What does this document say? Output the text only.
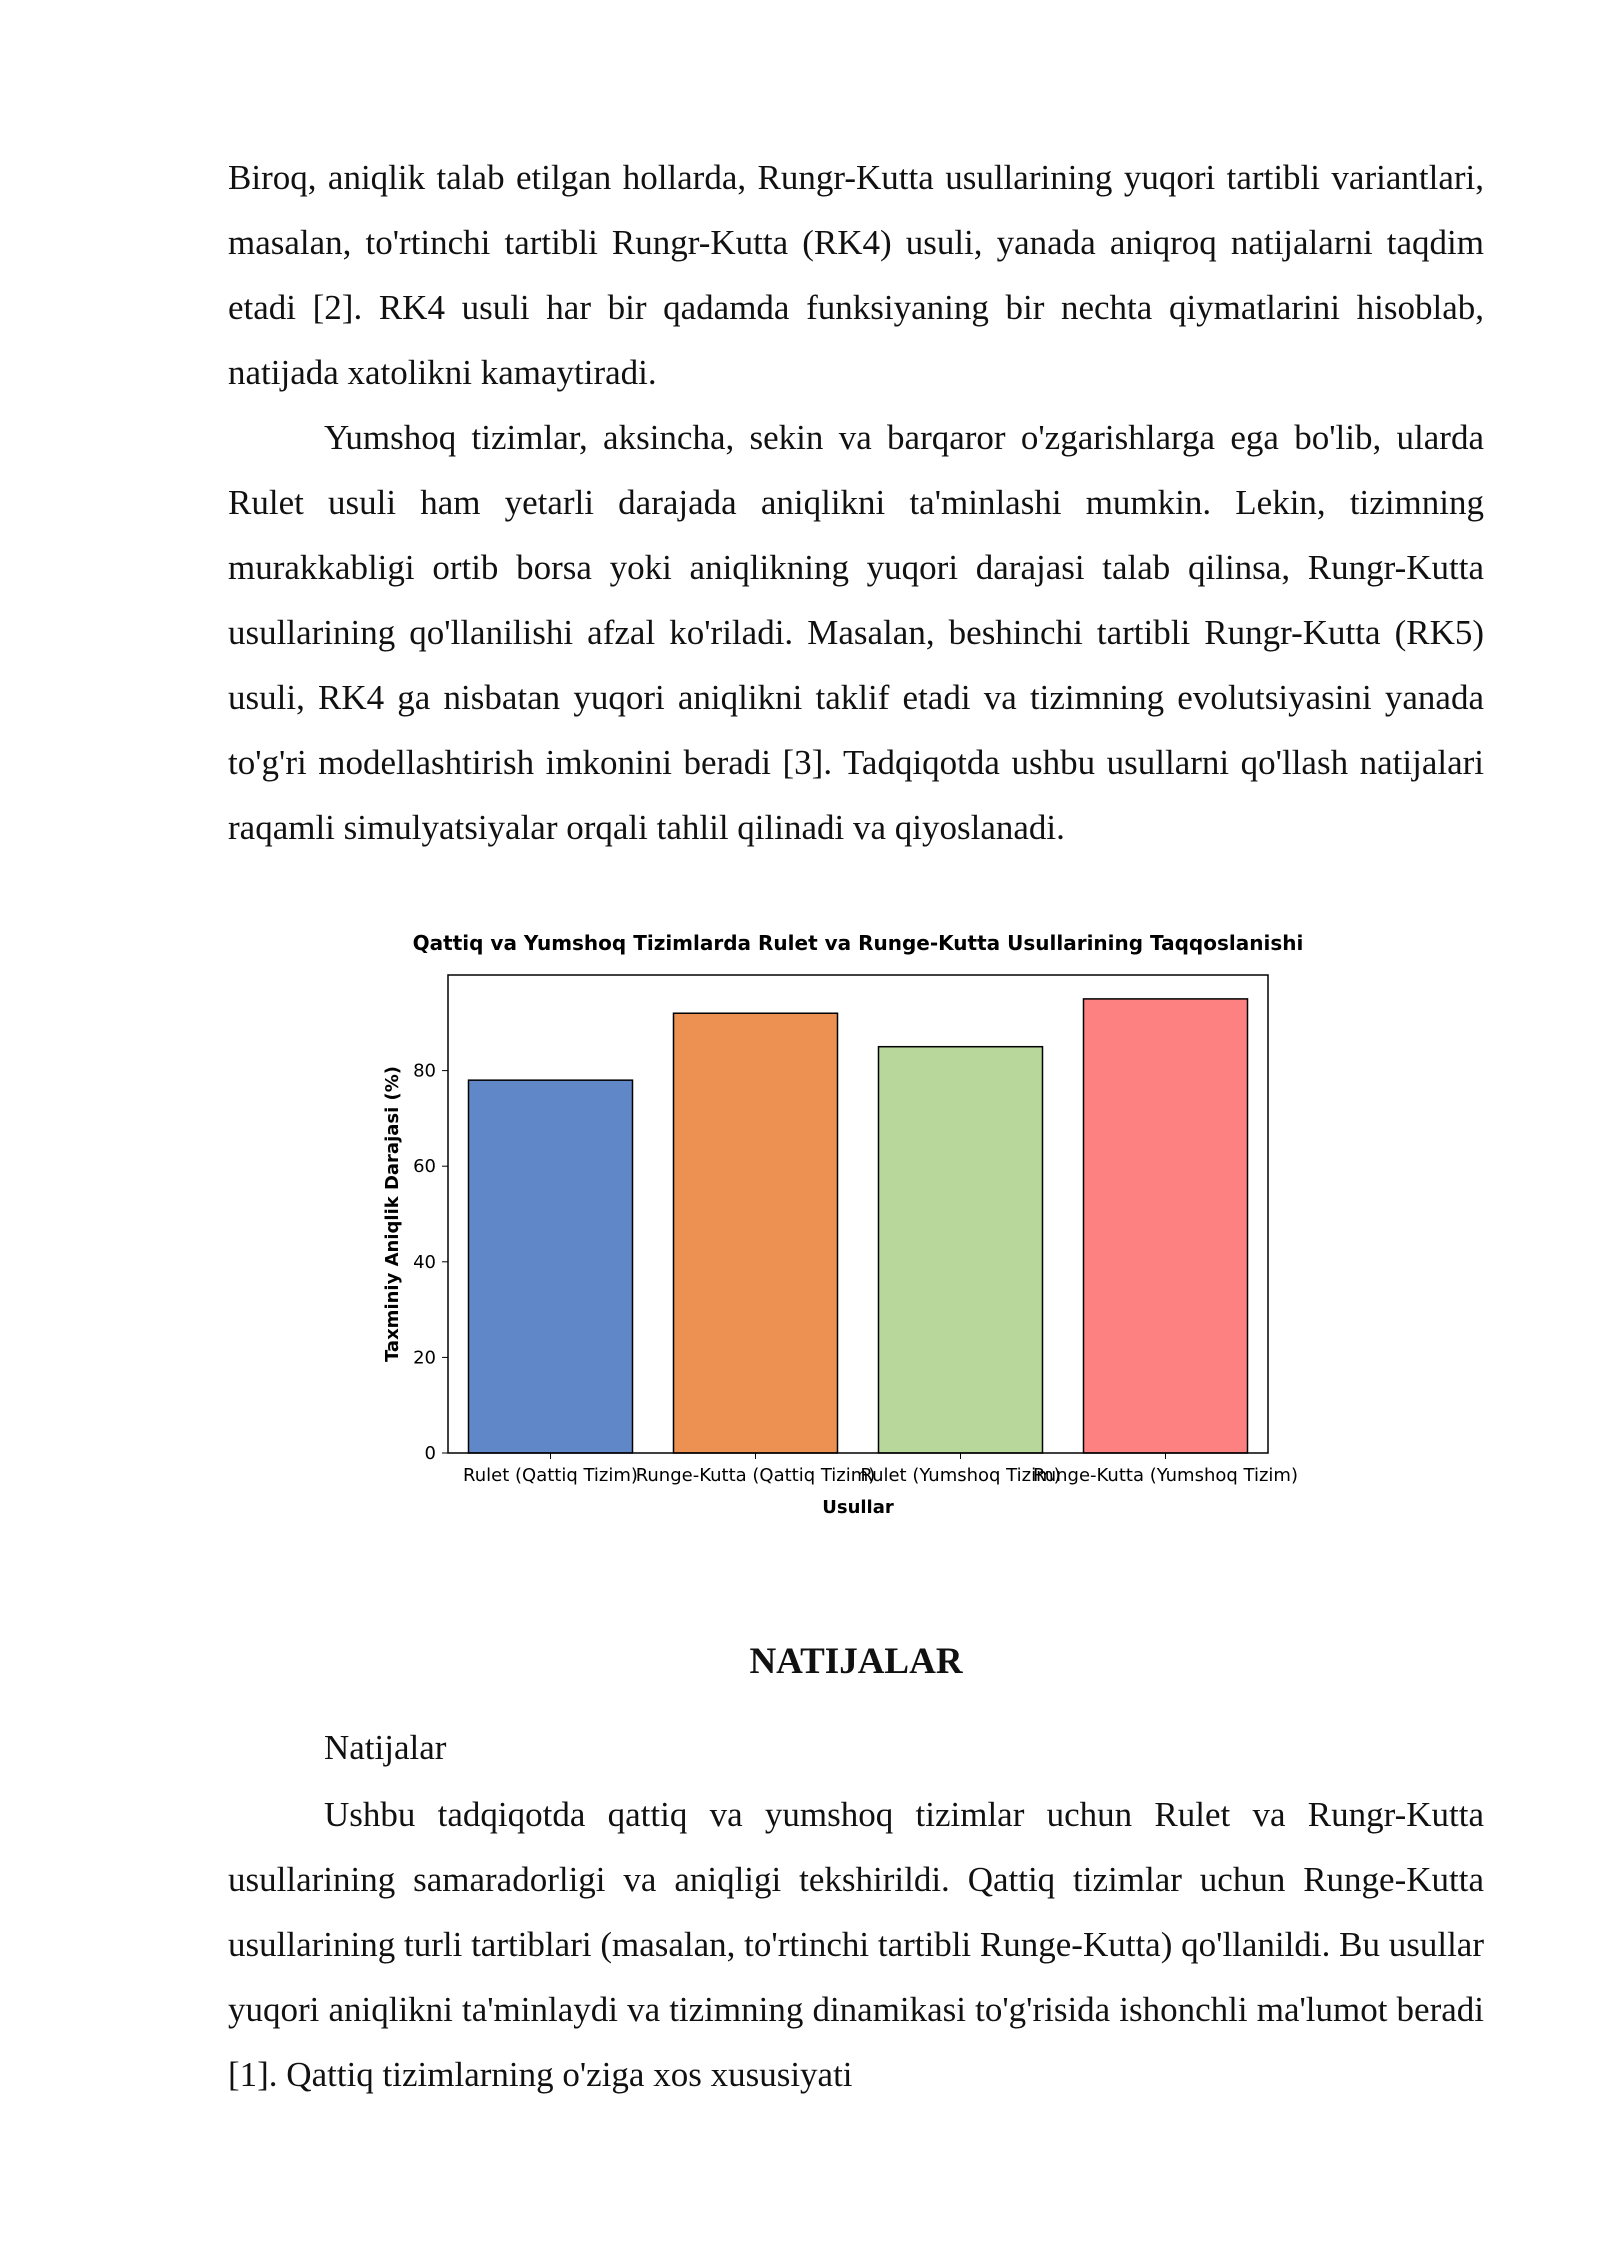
Biroq, aniqlik talab etilgan hollarda, Rungr-Kutta usullarining yuqori tartibli variantlari, masalan, to'rtinchi tartibli Rungr-Kutta (RK4) usuli, yanada aniqroq natijalarni taqdim etadi [2]. RK4 usuli har bir qadamda funksiyaning bir nechta qiymatlarini hisoblab, natijada xatolikni kamaytiradi.

Yumshoq tizimlar, aksincha, sekin va barqaror o'zgarishlarga ega bo'lib, ularda Rulet usuli ham yetarli darajada aniqlikni ta'minlashi mumkin. Lekin, tizimning murakkabligi ortib borsa yoki aniqlikning yuqori darajasi talab qilinsa, Rungr-Kutta usullarining qo'llanilishi afzal ko'riladi. Masalan, beshinchi tartibli Rungr-Kutta (RK5) usuli, RK4 ga nisbatan yuqori aniqlikni taklif etadi va tizimning evolutsiyasini yanada to'g'ri modellashtirish imkonini beradi [3]. Tadqiqotda ushbu usullarni qo'llash natijalari raqamli simulyatsiyalar orqali tahlil qilinadi va qiyoslanadi.

Qattiq va Yumshoq Tizimlarda Rulet va Runge-Kutta Usullarining Taqqoslanishi
0
20
40
60
80
Rulet (Qattiq Tizim)
Runge-Kutta (Qattiq Tizim)
Rulet (Yumshoq Tizim)
Runge-Kutta (Yumshoq Tizim)
Usullar
Taxminiy Aniqlik Darajasi (%)

NATIJALAR

Natijalar

Ushbu tadqiqotda qattiq va yumshoq tizimlar uchun Rulet va Rungr-Kutta usullarining samaradorligi va aniqligi tekshirildi. Qattiq tizimlar uchun Runge-Kutta usullarining turli tartiblari (masalan, to'rtinchi tartibli Runge-Kutta) qo'llanildi. Bu usullar yuqori aniqlikni ta'minlaydi va tizimning dinamikasi to'g'risida ishonchli ma'lumot beradi [1]. Qattiq tizimlarning o'ziga xos xususiyati
